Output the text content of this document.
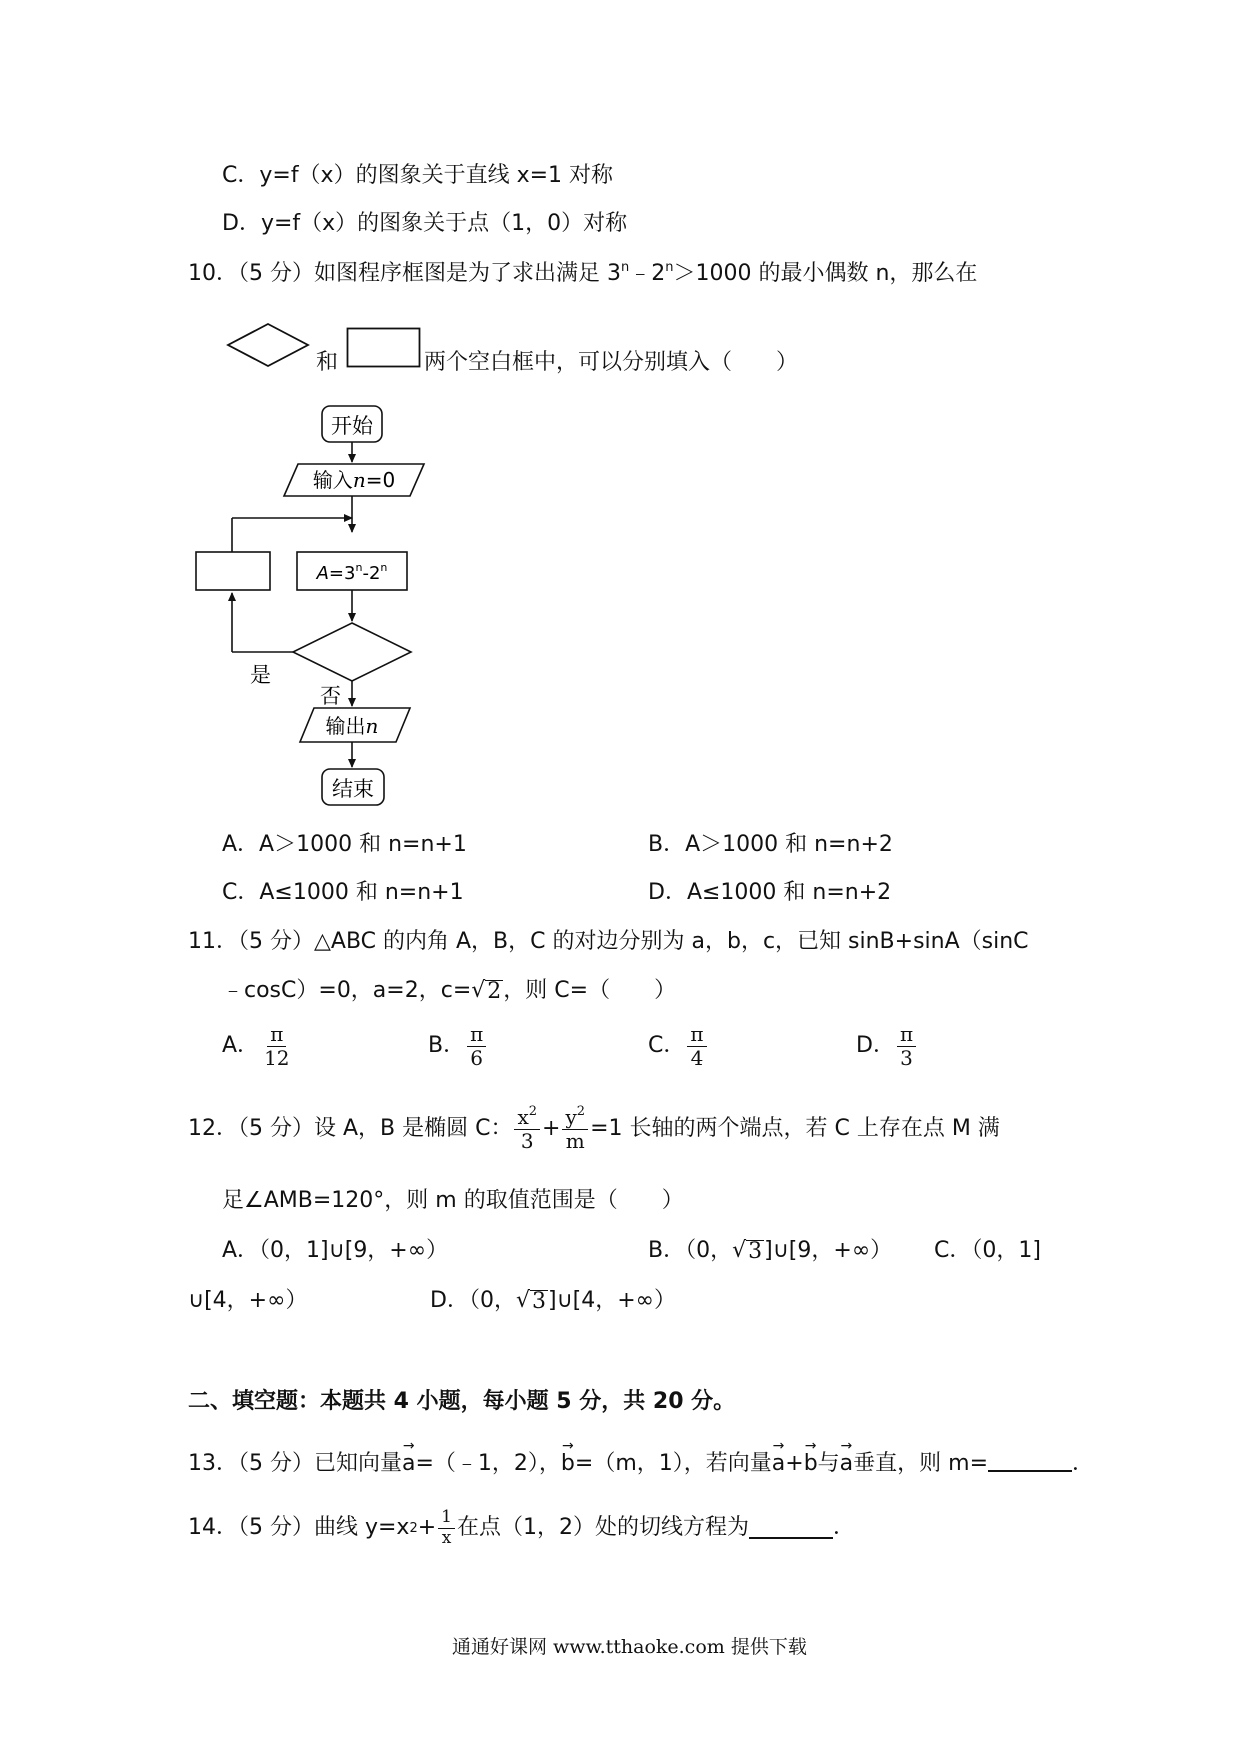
C．y=f（x）的图象关于直线 x=1 对称
D．y=f（x）的图象关于点（1，0）对称
10．（5 分）如图程序框图是为了求出满足 $3^n﹣2^n>1000$ 的最小偶数 n，那么在
和	两个空白框中，可以分别填入（　　）
开始
输入n=0
$A=3^n-2^n$
是
否
输出n
结束
A．A＞1000 和 n=n+1	B．A＞1000 和 n=n+2
C．A≤1000 和 n=n+1	D．A≤1000 和 n=n+2
11．（5 分）△ABC 的内角 A，B，C 的对边分别为 a，b，c，已知 sinB+sinA（sinC
﹣cosC）=0，a=2，c=√ 2 ，则 C=（　　）
A． $\frac{\pi}{12}$	B． $\frac{\pi}{6}$	C． $\frac{\pi}{4}$	D． $\frac{\pi}{3}$
12．（5 分）设 A，B 是椭圆 C： $\frac{x^2}{3} + \frac{y^2}{m} =1$ 长轴的两个端点，若 C 上存在点 M 满
足∠AMB=120°，则 m 的取值范围是（　　）
A．（0，1]∪[9，+∞）	B．（0，√ 3 ]∪[9，+∞） C．（0，1]
∪[4，+∞）	D．（0，√ 3 ]∪[4，+∞）
二、填空题：本题共 4 小题，每小题 5 分，共 20 分。
13．（5 分）已知向量→ a=（﹣1，2），→ b=（m，1），若向量→ a+→ b与→ a垂直，则 m=	．
14．（5 分）曲线 y=x $2 + \frac{1}{x}$ 在点（1，2）处的切线方程为	．
通通好课网 www.tthaoke.com 提供下载
